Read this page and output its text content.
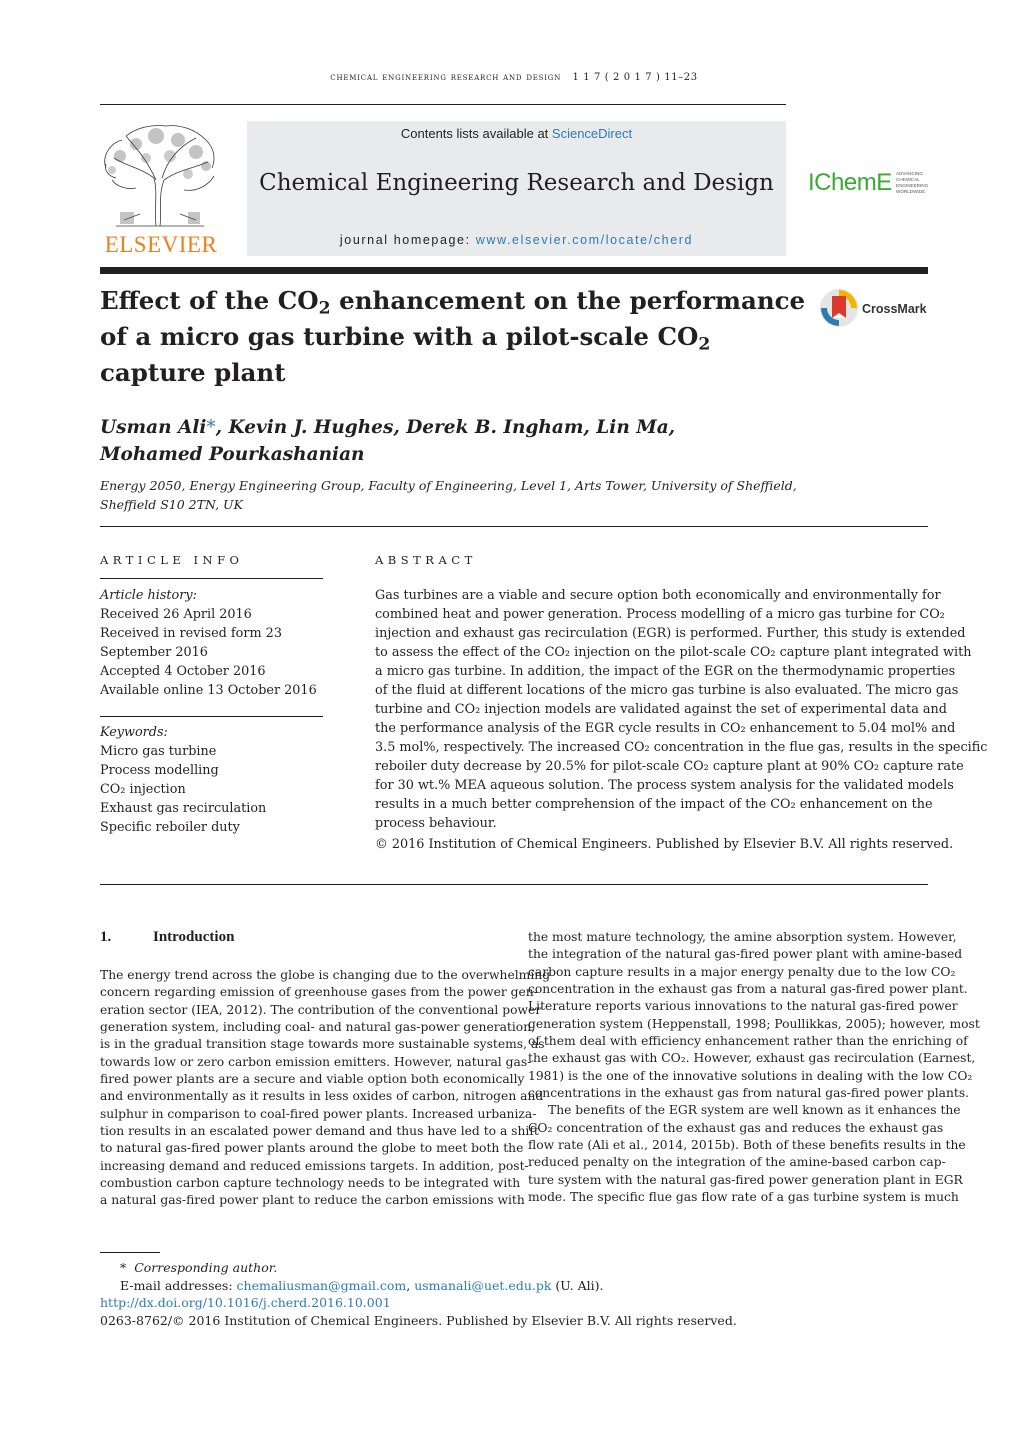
chemical engineering research and design 1 1 7 ( 2 0 1 7 ) 11–23
ELSEVIER
Contents lists available at ScienceDirect
Chemical Engineering Research and Design
journal homepage: www.elsevier.com/locate/cherd
IChemE ADVANCING
CHEMICAL
ENGINEERING
WORLDWIDE
Effect of the $CO_2$ enhancement on the performance
of a micro gas turbine with a pilot-scale $CO_2$
capture plant
CrossMark
Usman Ali*, Kevin J. Hughes, Derek B. Ingham, Lin Ma,
Mohamed Pourkashanian
Energy 2050, Energy Engineering Group, Faculty of Engineering, Level 1, Arts Tower, University of Sheffield,
Sheffield S10 2TN, UK
ARTICLE INFO
Article history:
Received 26 April 2016
Received in revised form 23
September 2016
Accepted 4 October 2016
Available online 13 October 2016
Keywords:
Micro gas turbine
Process modelling
CO₂ injection
Exhaust gas recirculation
Specific reboiler duty
ABSTRACT
Gas turbines are a viable and secure option both economically and environmentally for
combined heat and power generation. Process modelling of a micro gas turbine for CO₂
injection and exhaust gas recirculation (EGR) is performed. Further, this study is extended
to assess the effect of the CO₂ injection on the pilot-scale CO₂ capture plant integrated with
a micro gas turbine. In addition, the impact of the EGR on the thermodynamic properties
of the fluid at different locations of the micro gas turbine is also evaluated. The micro gas
turbine and CO₂ injection models are validated against the set of experimental data and
the performance analysis of the EGR cycle results in CO₂ enhancement to 5.04 mol% and
3.5 mol%, respectively. The increased CO₂ concentration in the flue gas, results in the specific
reboiler duty decrease by 20.5% for pilot-scale CO₂ capture plant at 90% CO₂ capture rate
for 30 wt.% MEA aqueous solution. The process system analysis for the validated models
results in a much better comprehension of the impact of the CO₂ enhancement on the
process behaviour.
© 2016 Institution of Chemical Engineers. Published by Elsevier B.V. All rights reserved.
1.	Introduction
The energy trend across the globe is changing due to the overwhelming
concern regarding emission of greenhouse gases from the power gen-
eration sector (IEA, 2012). The contribution of the conventional power
generation system, including coal- and natural gas-power generation,
is in the gradual transition stage towards more sustainable systems, as
towards low or zero carbon emission emitters. However, natural gas-
fired power plants are a secure and viable option both economically
and environmentally as it results in less oxides of carbon, nitrogen and
sulphur in comparison to coal-fired power plants. Increased urbaniza-
tion results in an escalated power demand and thus have led to a shift
to natural gas-fired power plants around the globe to meet both the
increasing demand and reduced emissions targets. In addition, post-
combustion carbon capture technology needs to be integrated with
a natural gas-fired power plant to reduce the carbon emissions with
the most mature technology, the amine absorption system. However,
the integration of the natural gas-fired power plant with amine-based
carbon capture results in a major energy penalty due to the low CO₂
concentration in the exhaust gas from a natural gas-fired power plant.
Literature reports various innovations to the natural gas-fired power
generation system (Heppenstall, 1998; Poullikkas, 2005); however, most
of them deal with efficiency enhancement rather than the enriching of
the exhaust gas with CO₂. However, exhaust gas recirculation (Earnest,
1981) is the one of the innovative solutions in dealing with the low CO₂
concentrations in the exhaust gas from natural gas-fired power plants.
The benefits of the EGR system are well known as it enhances the
CO₂ concentration of the exhaust gas and reduces the exhaust gas
flow rate (Ali et al., 2014, 2015b). Both of these benefits results in the
reduced penalty on the integration of the amine-based carbon cap-
ture system with the natural gas-fired power generation plant in EGR
mode. The specific flue gas flow rate of a gas turbine system is much
* Corresponding author.
E-mail addresses: chemaliusman@gmail.com, usmanali@uet.edu.pk (U. Ali).
http://dx.doi.org/10.1016/j.cherd.2016.10.001
0263-8762/© 2016 Institution of Chemical Engineers. Published by Elsevier B.V. All rights reserved.
